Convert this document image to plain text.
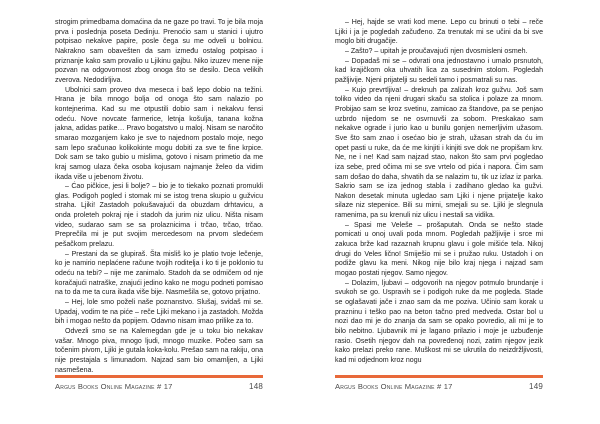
strogim primedbama domaćina da ne gaze po travi. To je bila moja prva i poslednja poseta Dedinju. Prenoćio sam u stanici i ujutro potpisao nekakve papire, posle čega su me odveli u bolnicu. Nakrakno sam obavešten da sam između ostalog potpisao i priznanje kako sam provalio u Ljikinu gajbu. Niko izuzev mene nije pozvan na odgovornost zbog onoga što se desilo. Deca velikih zverova. Nedodirljiva.

Ubolnici sam proveo dva meseca i baš lepo dobio na težini. Hrana je bila mnogo bolja od onoga što sam nalazio po kontejnerima. Kad su me otpustili dobio sam i nekakvu fensi odeću. Nove novcate farmerice, letnja košulja, tanana kožna jakna, adidas patike… Pravo bogatstvo u maloj. Nisam se naročito smarao mozganjem kako je sve to najednom postalo moje, nego sam lepo sračunao kolikokinte mogu dobiti za sve te fine krpice. Dok sam se tako gubio u mislima, gotovo i nisam primetio da me kraj samog ulaza čeka osoba kojusam najmanje želeo da vidim ikada više u jebenom životu.

– Ćao pičkice, jesi li bolje? – bio je to tiekako poznati promukli glas. Podigoh pogled i stomak mi se istog trena skupio u gužvicu straha. Ljiki! Zastadoh pokušavajući da obuzdam drhtavicu, a onda proleteh pokraj nje i stadoh da jurim niz ulicu. Ništa nisam video, sudarao sam se sa prolaznicima i trčao, trčao, trčao. Preprečila mi je put svojim mercedesom na prvom sledećem pešačkom prelazu.

– Prestani da se glupiraš. Šta misliš ko je platio tvoje lečenje, ko je namirio neplaćene račune tvojih roditelja i ko ti je poklonio tu odeću na tebi? – nije me zanimalo. Stadoh da se odmičem od nje koračajući natraške, znajući jedino kako ne mogu podneti pomisao na to da me ta cura ikada više bije. Nasmešila se, gotovo prijatno.

– Hej, lole smo poželi naše poznanstvo. Slušaj, svidaš mi se. Upadaj, vodim te na piće – reče Ljiki mekano i ja zastadoh. Možda bih i mogao nešto da popijem. Odavno nisam imao prilike za to.

Odvezli smo se na Kalemegdan gde je u toku bio nekakav vašar. Mnogo piva, mnogo ljudi, mnogo muzike. Počeo sam sa točenim pivom, Ljiki je gutala koka-kolu. Prešao sam na rakiju, ona nije prestajala s limunadom. Najzad sam bio omamljen, a Ljiki nasmešena.

Argus Books Online Magazine # 17	148

– Hej, hajde se vrati kod mene. Lepo cu brinuti o tebi – reče Ljiki i ja je pogledah začuđeno. Za trenutak mi se učini da bi sve moglo biti drugačije.

– Zašto? – upitah je proučavajući njen dvosmisleni osmeh.

– Dopadaš mi se – odvrati ona jednostavno i umalo prsnutoh, kad krajičkom oka uhvatih lica za susednim stolom. Pogledah pažljivije. Njeni prijatelji su sedeli tamo i posmatrali su nas.

– Kujo prevrtljiva! – dreknuh pa zalizah kroz gužvu. Još sam toliko video da njeni drugari skaču sa stolica i polaze za mnom. Probijao sam se kroz svetinu, zamicao za štandove, pa se penjao uzbrdo nijedom se ne osvrnuvši za sobom. Preskakao sam nekakve ograde i jurio kao u bunilu gonjen nemerljivim užasom. Sve što sam znao i osećao bio je strah, užasan strah da ću im opet pasti u ruke, da će me kinjiti i kinjiti sve dok ne propišam krv. Ne, ne i ne! Kad sam najzad stao, nakon što sam prvi pogledao iza sebe, pred očima mi se sve vrtelo od pića i napora. Čim sam sam došao do daha, shvatih da se nalazim tu, tik uz izlaz iz parka. Sakrio sam se iza jednog stabla i zadihano gledao ka gužvi. Nakon desetak minuta ugledao sam Ljiki i njene prijatelje kako silaze niz stepenice. Bili su mirni, smejali su se. Ljiki je slegnula ramenima, pa su krenuli niz ulicu i nestali sa vidika.

– Spasi me Veleše – prošaputah. Onda se nešto stade pomicati u onoj uvali poda mnom. Pogledah pažljivije i srce mi zakuca brže kad razaznah krupnu glavu i gole mišiće tela. Nikoj drugi do Veles lično! Smiješio mi se i pružao ruku. Ustadoh i on podiže glavu ka meni. Nikog nije bilo kraj njega i najzad sam mogao postati njegov. Samo njegov.

– Dolazim, ljubavi – odgovorih na njegov potmulo brundanje i svukoh se go. Uspravih se i podigoh ruke da me pogleda. Stade se oglašavati jače i znao sam da me poziva. Učinio sam korak u prazninu i teško pao na beton tačno pred medveda. Ostar bol u nozi dao mi je do znanja da sam se opako povredio, ali mi je to bilo nebitno. Ljubavnik mi je lagano prilazio i moje je uzbuđenje rasio. Osetih njegov dah na povređenoj nozi, zatim njegov jezik kako prelazi preko rane. Muškost mi se ukrutila do neizdržljivosti, kad mi odjednom kroz nogu

Argus Books Online Magazine # 17	149
